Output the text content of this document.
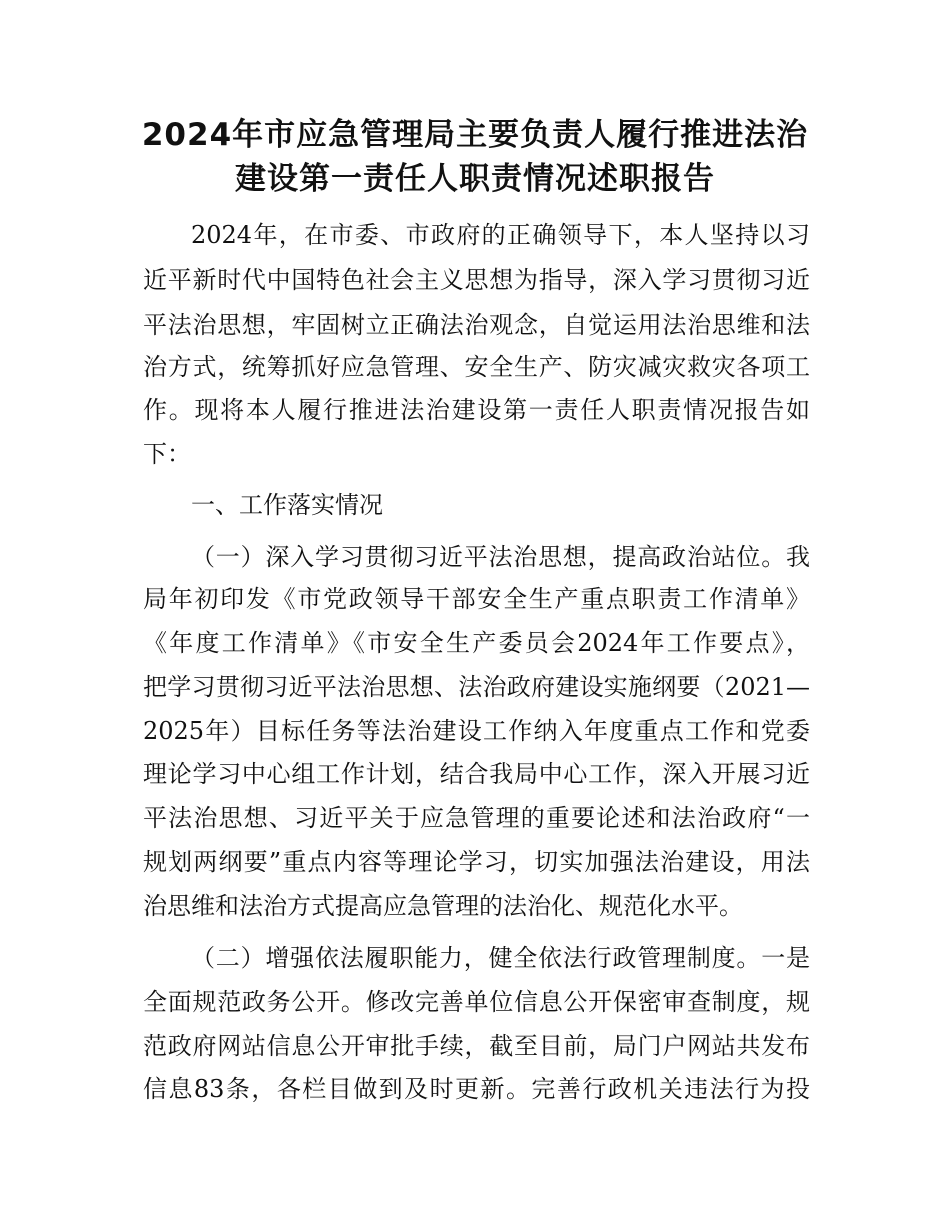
2024年市应急管理局主要负责人履行推进法治
建设第一责任人职责情况述职报告
2024年，在市委、市政府的正确领导下，本人坚持以习
近平新时代中国特色社会主义思想为指导，深入学习贯彻习近
平法治思想，牢固树立正确法治观念，自觉运用法治思维和法
治方式，统筹抓好应急管理、安全生产、防灾减灾救灾各项工
作。现将本人履行推进法治建设第一责任人职责情况报告如
下：
一、工作落实情况
（一）深入学习贯彻习近平法治思想，提高政治站位。我
局年初印发《市党政领导干部安全生产重点职责工作清单》
《年度工作清单》《市安全生产委员会2024年工作要点》，
把学习贯彻习近平法治思想、法治政府建设实施纲要（2021—
2025年）目标任务等法治建设工作纳入年度重点工作和党委
理论学习中心组工作计划，结合我局中心工作，深入开展习近
平法治思想、习近平关于应急管理的重要论述和法治政府“一
规划两纲要”重点内容等理论学习，切实加强法治建设，用法
治思维和法治方式提高应急管理的法治化、规范化水平。
（二）增强依法履职能力，健全依法行政管理制度。一是
全面规范政务公开。修改完善单位信息公开保密审查制度，规
范政府网站信息公开审批手续，截至目前，局门户网站共发布
信息83条，各栏目做到及时更新。完善行政机关违法行为投
